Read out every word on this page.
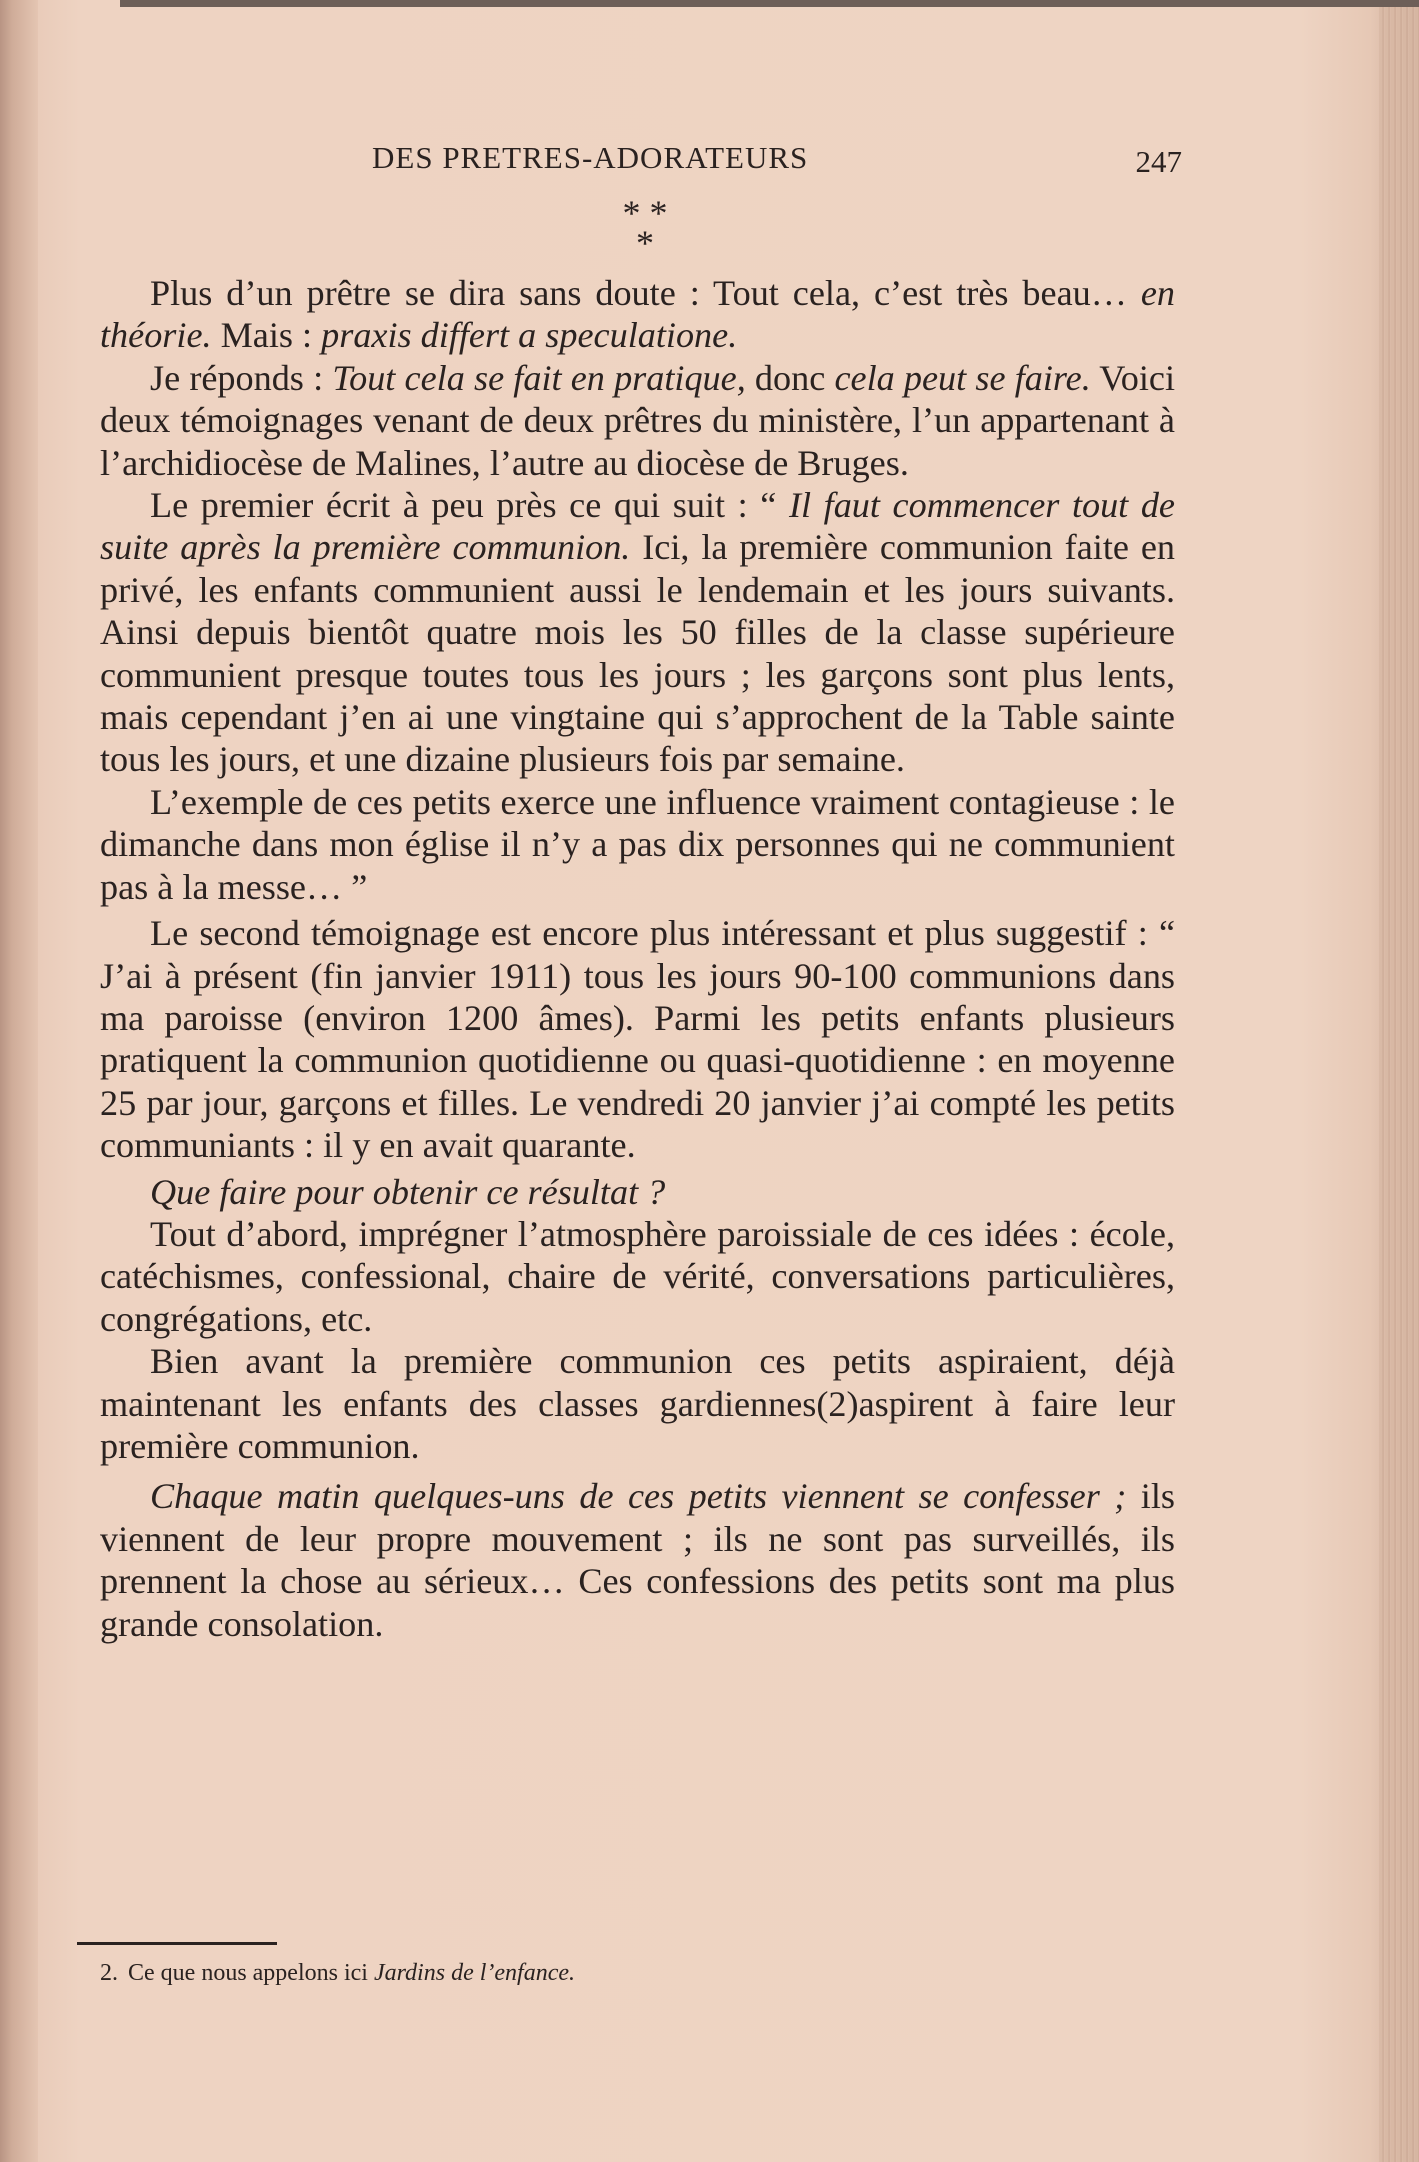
DES PRETRES-ADORATEURS	247
* *
*

Plus d’un prêtre se dira sans doute : Tout cela, c’est très beau… en théorie. Mais : praxis differt a speculatione.

Je réponds : Tout cela se fait en pratique, donc cela peut se faire. Voici deux témoignages venant de deux prêtres du ministère, l’un appartenant à l’archidiocèse de Malines, l’autre au diocèse de Bruges.

Le premier écrit à peu près ce qui suit : “ Il faut commencer tout de suite après la première communion. Ici, la première communion faite en privé, les enfants communient aussi le lendemain et les jours suivants. Ainsi depuis bientôt quatre mois les 50 filles de la classe supérieure communient presque toutes tous les jours ; les garçons sont plus lents, mais cependant j’en ai une vingtaine qui s’approchent de la Table sainte tous les jours, et une dizaine plusieurs fois par semaine.

L’exemple de ces petits exerce une influence vraiment contagieuse : le dimanche dans mon église il n’y a pas dix personnes qui ne communient pas à la messe… ”

Le second témoignage est encore plus intéressant et plus suggestif : “ J’ai à présent (fin janvier 1911) tous les jours 90-100 communions dans ma paroisse (environ 1200 âmes). Parmi les petits enfants plusieurs pratiquent la communion quotidienne ou quasi-quotidienne : en moyenne 25 par jour, garçons et filles. Le vendredi 20 janvier j’ai compté les petits communiants : il y en avait quarante.

Que faire pour obtenir ce résultat ?

Tout d’abord, imprégner l’atmosphère paroissiale de ces idées : école, catéchismes, confessional, chaire de vérité, conversations particulières, congrégations, etc.

Bien avant la première communion ces petits aspiraient, déjà maintenant les enfants des classes gardiennes(2)aspirent à faire leur première communion.

Chaque matin quelques-uns de ces petits viennent se confesser ; ils viennent de leur propre mouvement ; ils ne sont pas surveillés, ils prennent la chose au sérieux… Ces confessions des petits sont ma plus grande consolation.

2. Ce que nous appelons ici Jardins de l’enfance.
